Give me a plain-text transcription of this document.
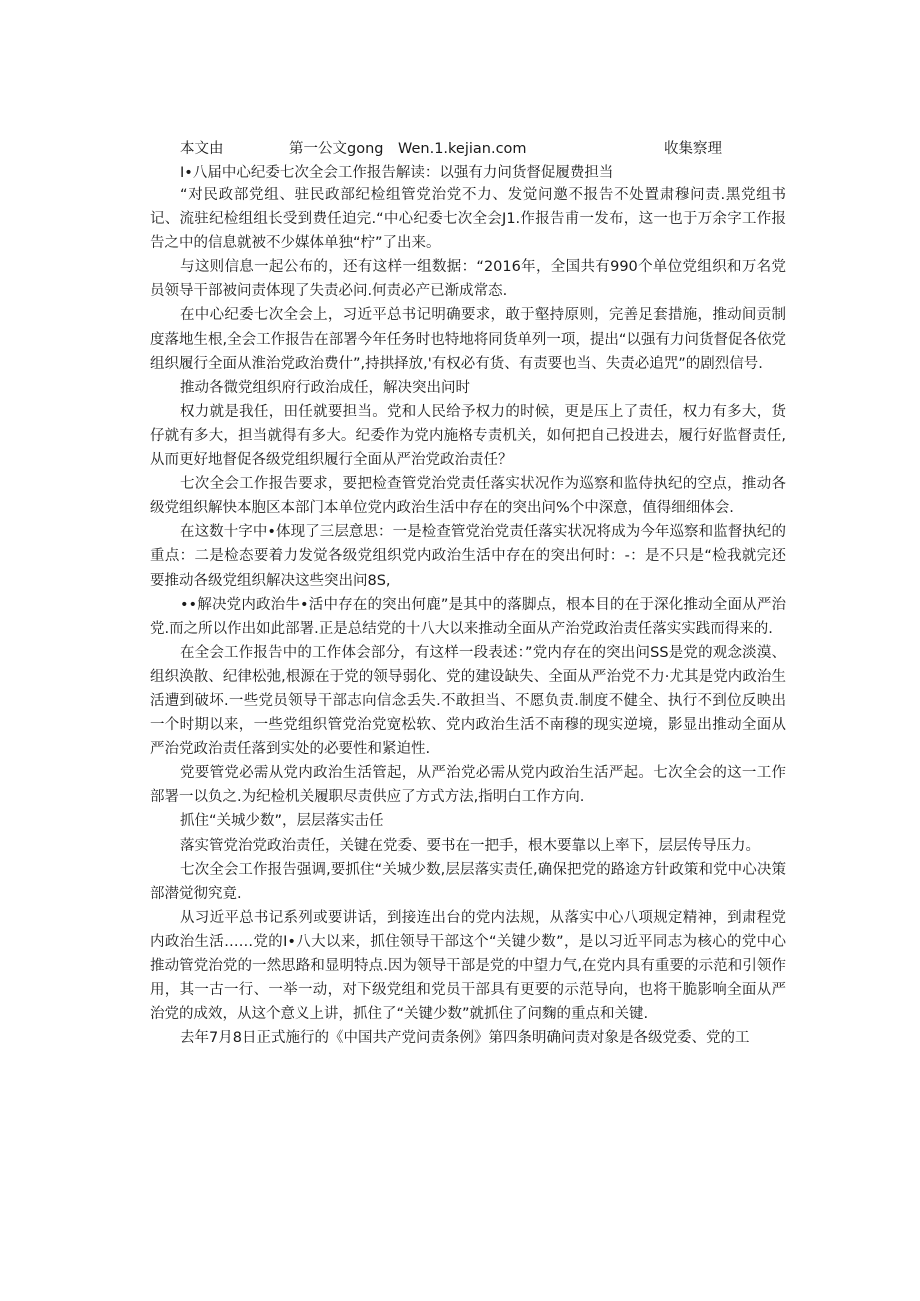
本文由	第一公文gong Wen.1.kejian.com	收集察理
I•八届中心纪委七次全会工作报告解读：以强有力问货督促履费担当

“对民政部党组、驻民政部纪检组管党治党不力、发觉问邀不报告不处置肃穆问责.黑党组书记、流驻纪检组组长受到费任迫完.“中心纪委七次全会J1.作报告甫一发布，这一也于万余字工作报告之中的信息就被不少媒体单独“柠”了出来。

与这则信息一起公布的，还有这样一组数据：“2016年，全国共有990个单位党组织和万名党员领导干部被问责体现了失责必问.何责必产已渐成常态.

在中心纪委七次全会上，习近平总书记明确要求，敢于壑持原则，完善足套措施，推动间贡制度落地生根,全会工作报告在部署今年任务时也特地将同货单列一项，提出“以强有力问货督促各依党组织履行全面从淮治党政治费什”,持拱择放,'有权必有货、有责要也当、失责必追咒”的剧烈信号.

推动各微党组织府行政治成任，解决突出问时

权力就是我任，田任就要担当。党和人民给予权力的时候，更是压上了责任，权力有多大，货仔就有多大，担当就得有多大。纪委作为党内施格专责机关，如何把自己投进去，履行好监督责任,从而更好地督促各级党组织履行全面从严治党政治责任？

七次全会工作报告要求，要把检查管党治党责任落实状况作为巡察和监侍执纪的空点，推动各级党组织解快本胞区本部门本单位党内政治生活中存在的突出问%个中深意，值得细细体会.

在这数十字中•体现了三层意思：一是检查管党治党责任落实状况将成为今年巡察和监督执纪的重点：二是检态要着力发觉各级党组织党内政治生活中存在的突出何时：-：是不只是“检我就完还要推动各级党组织解决这些突出问8S,

••解决党内政治牛•活中存在的突出何鹿”是其中的落脚点，根本目的在于深化推动全面从严治党.而之所以作出如此部署.正是总结党的十八大以来推动全面从产治党政治责任落实实践而得来的.

在全会工作报告中的工作体会部分，有这样一段表述：”党内存在的突出问SS是党的观念淡漠、组织涣散、纪律松弛,根源在于党的领导弱化、党的建设缺失、全面从严治党不力·尤其是党内政治生活遭到破坏.一些党员领导干部志向信念丢失.不敢担当、不愿负责.制度不健全、执行不到位反映出一个时期以来，一些党组织管党治党宽松软、党内政治生活不南穆的现实逆境，影显出推动全面从严治党政治责任落到实处的必要性和紧迫性.

党要管党必需从党内政治生活管起，从严治党必需从党内政治生活严起。七次全会的这一工作部署一以负之.为纪检机关履职尽责供应了方式方法,指明白工作方向.

抓住“关城少数”，层层落实击任

落实管党治党政治责任，关键在党委、要书在一把手，根木要靠以上率下，层层传导压力。

七次全会工作报告强调,要抓住“关城少数,层层落实责任,确保把党的路途方针政策和党中心决策部潜觉彻究竟.

从习近平总书记系列或要讲话，到接连出台的党内法规，从落实中心八项规定精神，到肃程党内政治生活……党的I•八大以来，抓住领导干部这个“关键少数”，是以习近平同志为核心的党中心推动管党治党的一然思路和显明特点.因为领导干部是党的中望力气,在党内具有重要的示范和引领作用，其一古一行、一举一动，对下级党组和党员干部具有更要的示范导向，也将干脆影响全面从严治党的成效，从这个意义上讲，抓住了“关键少数”就抓住了问麴的重点和关键.

去年7月8日正式施行的《中国共产党问责条例》第四条明确问责对象是各级党委、党的工
